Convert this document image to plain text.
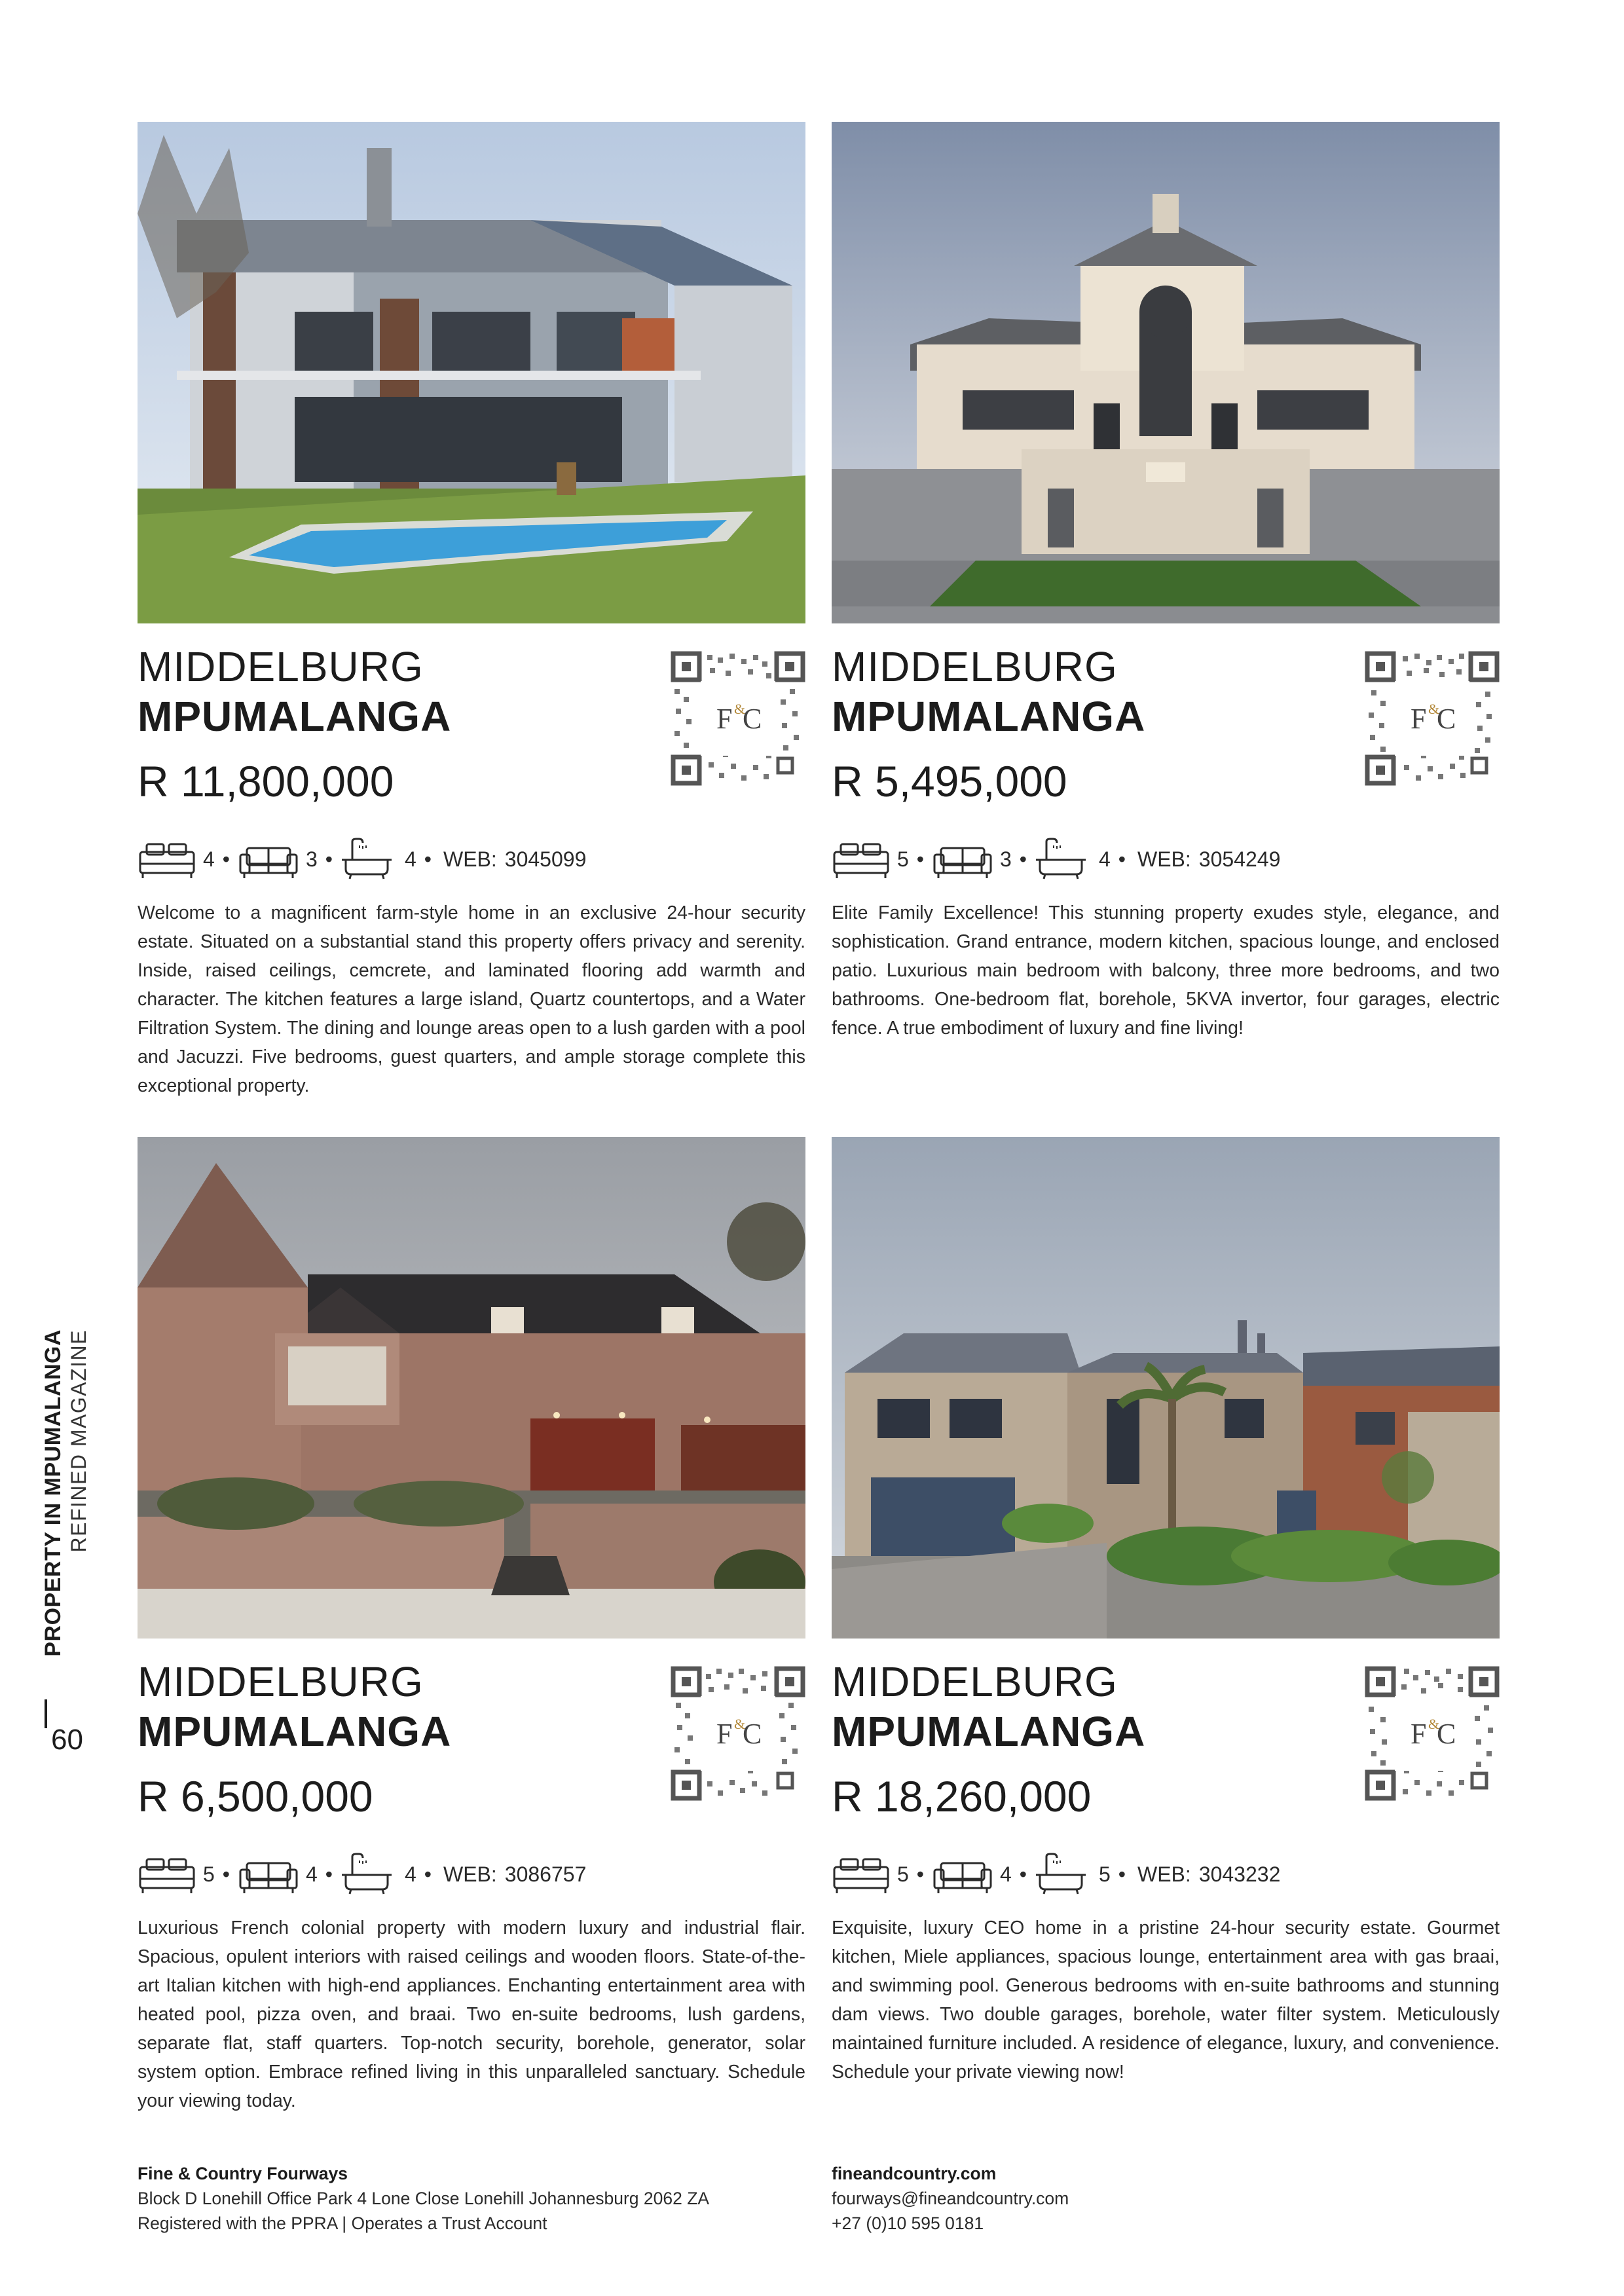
PROPERTY IN MPUMALANGA REFINED MAGAZINE
60
F &
C
MIDDELBURG
MPUMALANGA
R 11,800,000
4 •	3 •	4 • WEB: 3045099
Welcome to a magnificent farm-style home in an exclusive 24-hour security estate. Situated on a substantial stand this property offers privacy and serenity. Inside, raised ceilings, cemcrete, and laminated flooring add warmth and character. The kitchen features a large island, Quartz countertops, and a Water Filtration System. The dining and lounge areas open to a lush garden with a pool and Jacuzzi. Five bedrooms, guest quarters, and ample storage complete this exceptional property.
F &
C
MIDDELBURG
MPUMALANGA
R 5,495,000
5 •	3 •	4 • WEB: 3054249
Elite Family Excellence! This stunning property exudes style, elegance, and sophistication. Grand entrance, modern kitchen, spacious lounge, and enclosed patio. Luxurious main bedroom with balcony, three more bedrooms, and two bathrooms. One-bedroom flat, borehole, 5KVA invertor, four garages, electric fence. A true embodiment of luxury and fine living!
F &
C
MIDDELBURG
MPUMALANGA
R 6,500,000
5 •	4 •	4 • WEB: 3086757
Luxurious French colonial property with modern luxury and industrial flair. Spacious, opulent interiors with raised ceilings and wooden floors. State-of-the-art Italian kitchen with high-end appliances. Enchanting entertainment area with heated pool, pizza oven, and braai. Two en-suite bedrooms, lush gardens, separate flat, staff quarters. Top-notch security, borehole, generator, solar system option. Embrace refined living in this unparalleled sanctuary. Schedule your viewing today.
F &
C
MIDDELBURG
MPUMALANGA
R 18,260,000
5 •	4 •	5 • WEB: 3043232
Exquisite, luxury CEO home in a pristine 24-hour security estate. Gourmet kitchen, Miele appliances, spacious lounge, entertainment area with gas braai, and swimming pool. Generous bedrooms with en-suite bathrooms and stunning dam views. Two double garages, borehole, water filter system. Meticulously maintained furniture included. A residence of elegance, luxury, and convenience. Schedule your private viewing now!
Fine & Country Fourways
Block D Lonehill Office Park 4 Lone Close Lonehill Johannesburg 2062 ZA
Registered with the PPRA | Operates a Trust Account
fineandcountry.com
fourways@fineandcountry.com
+27 (0)10 595 0181
